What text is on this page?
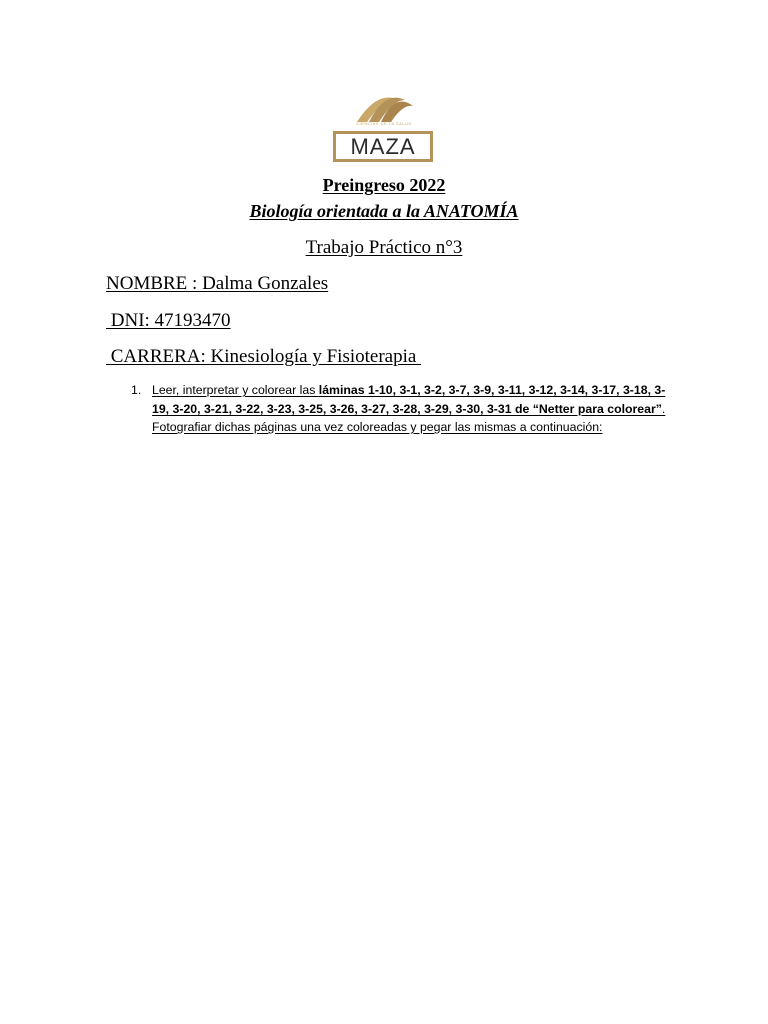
CIENCIAS DE LA SALUD
MAZA
Preingreso 2022
Biología orientada a la ANATOMÍA
Trabajo Práctico n°3
NOMBRE : Dalma Gonzales
DNI: 47193470
CARRERA: Kinesiología y Fisioterapia
1. Leer, interpretar y colorear las láminas 1-10, 3-1, 3-2, 3-7, 3-9, 3-11, 3-12, 3-14, 3-17, 3-18, 3-19, 3-20, 3-21, 3-22, 3-23, 3-25, 3-26, 3-27, 3-28, 3-29, 3-30, 3-31 de “Netter para colorear”. Fotografiar dichas páginas una vez coloreadas y pegar las mismas a continuación:
